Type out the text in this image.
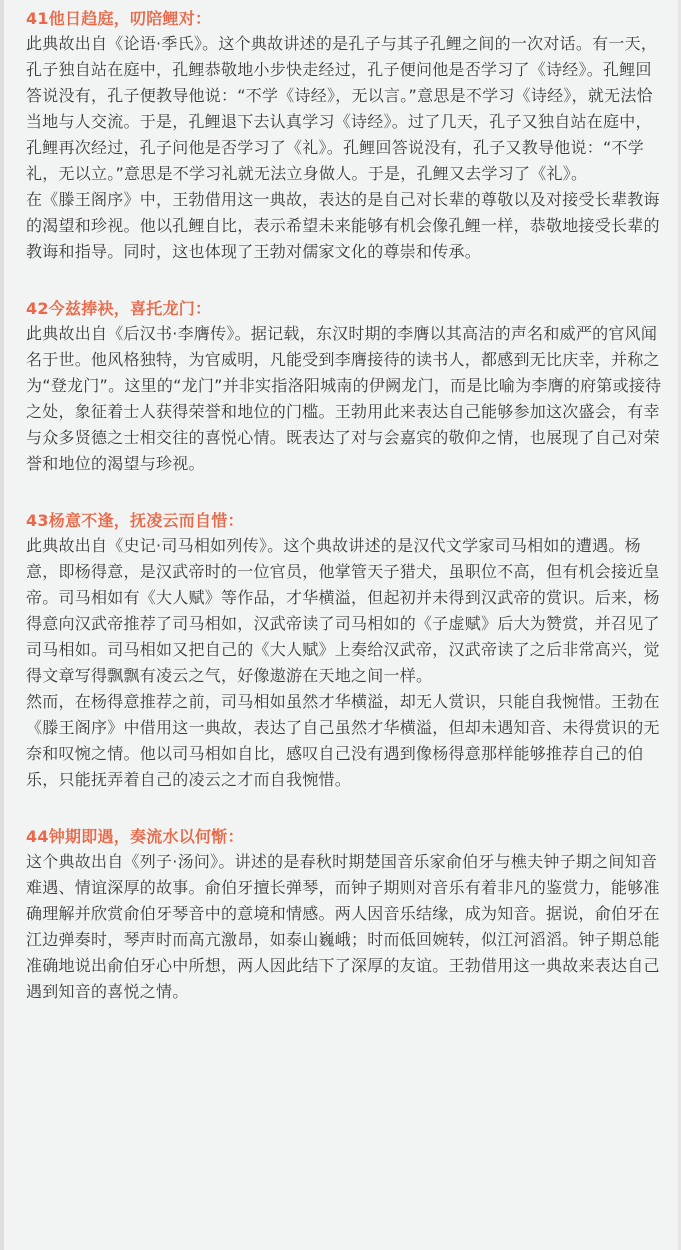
41他日趋庭，叨陪鲤对：

此典故出自《论语·季氏》。这个典故讲述的是孔子与其子孔鲤之间的一次对话。有一天，孔子独自站在庭中，孔鲤恭敬地小步快走经过，孔子便问他是否学习了《诗经》。孔鲤回答说没有，孔子便教导他说：“不学《诗经》，无以言。”意思是不学习《诗经》，就无法恰当地与人交流。于是，孔鲤退下去认真学习《诗经》。过了几天，孔子又独自站在庭中，孔鲤再次经过，孔子问他是否学习了《礼》。孔鲤回答说没有，孔子又教导他说：“不学礼，无以立。”意思是不学习礼就无法立身做人。于是，孔鲤又去学习了《礼》。

在《滕王阁序》中，王勃借用这一典故，表达的是自己对长辈的尊敬以及对接受长辈教诲的渴望和珍视。他以孔鲤自比，表示希望未来能够有机会像孔鲤一样，恭敬地接受长辈的教诲和指导。同时，这也体现了王勃对儒家文化的尊崇和传承。

42今兹捧袂，喜托龙门：

此典故出自《后汉书·李膺传》。据记载，东汉时期的李膺以其高洁的声名和威严的官风闻名于世。他风格独特，为官威明，凡能受到李膺接待的读书人，都感到无比庆幸，并称之为“登龙门”。这里的“龙门”并非实指洛阳城南的伊阙龙门，而是比喻为李膺的府第或接待之处，象征着士人获得荣誉和地位的门槛。王勃用此来表达自己能够参加这次盛会，有幸与众多贤德之士相交往的喜悦心情。既表达了对与会嘉宾的敬仰之情，也展现了自己对荣誉和地位的渴望与珍视。

43杨意不逢，抚凌云而自惜：

此典故出自《史记·司马相如列传》。这个典故讲述的是汉代文学家司马相如的遭遇。杨意，即杨得意，是汉武帝时的一位官员，他掌管天子猎犬，虽职位不高，但有机会接近皇帝。司马相如有《大人赋》等作品，才华横溢，但起初并未得到汉武帝的赏识。后来，杨得意向汉武帝推荐了司马相如，汉武帝读了司马相如的《子虚赋》后大为赞赏，并召见了司马相如。司马相如又把自己的《大人赋》上奏给汉武帝，汉武帝读了之后非常高兴，觉得文章写得飘飘有凌云之气，好像遨游在天地之间一样。

然而，在杨得意推荐之前，司马相如虽然才华横溢，却无人赏识，只能自我惋惜。王勃在《滕王阁序》中借用这一典故，表达了自己虽然才华横溢，但却未遇知音、未得赏识的无奈和叹惋之情。他以司马相如自比，感叹自己没有遇到像杨得意那样能够推荐自己的伯乐，只能抚弄着自己的凌云之才而自我惋惜。

44钟期即遇，奏流水以何惭：

这个典故出自《列子·汤问》。讲述的是春秋时期楚国音乐家俞伯牙与樵夫钟子期之间知音难遇、情谊深厚的故事。俞伯牙擅长弹琴，而钟子期则对音乐有着非凡的鉴赏力，能够准确理解并欣赏俞伯牙琴音中的意境和情感。两人因音乐结缘，成为知音。据说，俞伯牙在江边弹奏时，琴声时而高亢激昂，如泰山巍峨；时而低回婉转，似江河滔滔。钟子期总能准确地说出俞伯牙心中所想，两人因此结下了深厚的友谊。王勃借用这一典故来表达自己遇到知音的喜悦之情。
